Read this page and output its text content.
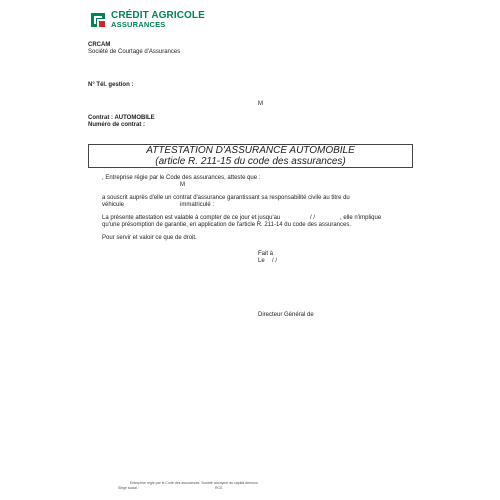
CRÉDIT AGRICOLE
ASSURANCES
CRCAM
Société de Courtage d'Assurances
N° Tél. gestion :
M
Contrat : AUTOMOBILE
Numéro de contrat :
ATTESTATION D'ASSURANCE AUTOMOBILE
(article R. 211-15 du code des assurances)
, Entreprise régie par le Code des assurances, atteste que :
M
a souscrit auprès d'elle un contrat d'assurance garantissant sa responsabilité civile au titre du
véhicule	immatriculé :
La présente attestation est valable à compter de ce jour et jusqu'au	/ /	, elle n'implique
qu'une présomption de garantie, en application de l'article R. 211-14 du code des assurances.
Pour servir et valoir ce que de droit.
Fait à
Le / /
Directeur Général de
Entreprise régie par le Code des assurances. Société anonyme au capital de euros
Siège social :	RCS
